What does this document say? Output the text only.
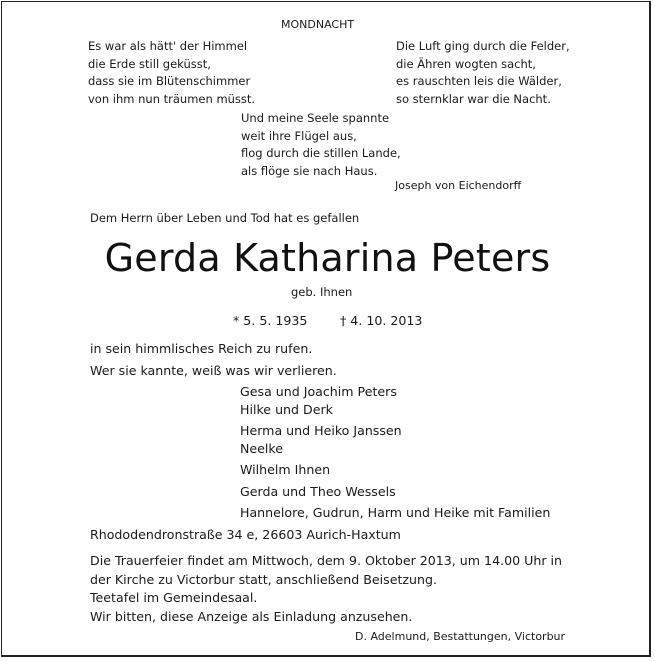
MONDNACHT
Es war als hätt' der Himmel
die Erde still geküsst,
dass sie im Blütenschimmer
von ihm nun träumen müsst.
Die Luft ging durch die Felder,
die Ähren wogten sacht,
es rauschten leis die Wälder,
so sternklar war die Nacht.
Und meine Seele spannte
weit ihre Flügel aus,
flog durch die stillen Lande,
als flöge sie nach Haus.
Joseph von Eichendorff
Dem Herrn über Leben und Tod hat es gefallen
Gerda Katharina Peters
geb. Ihnen
* 5. 5. 1935	† 4. 10. 2013
in sein himmlisches Reich zu rufen.
Wer sie kannte, weiß was wir verlieren.
Gesa und Joachim Peters
Hilke und Derk
Herma und Heiko Janssen
Neelke
Wilhelm Ihnen
Gerda und Theo Wessels
Hannelore, Gudrun, Harm und Heike mit Familien
Rhododendronstraße 34 e, 26603 Aurich-Haxtum
Die Trauerfeier findet am Mittwoch, dem 9. Oktober 2013, um 14.00 Uhr in
der Kirche zu Victorbur statt, anschließend Beisetzung.
Teetafel im Gemeindesaal.
Wir bitten, diese Anzeige als Einladung anzusehen.
D. Adelmund, Bestattungen, Victorbur
